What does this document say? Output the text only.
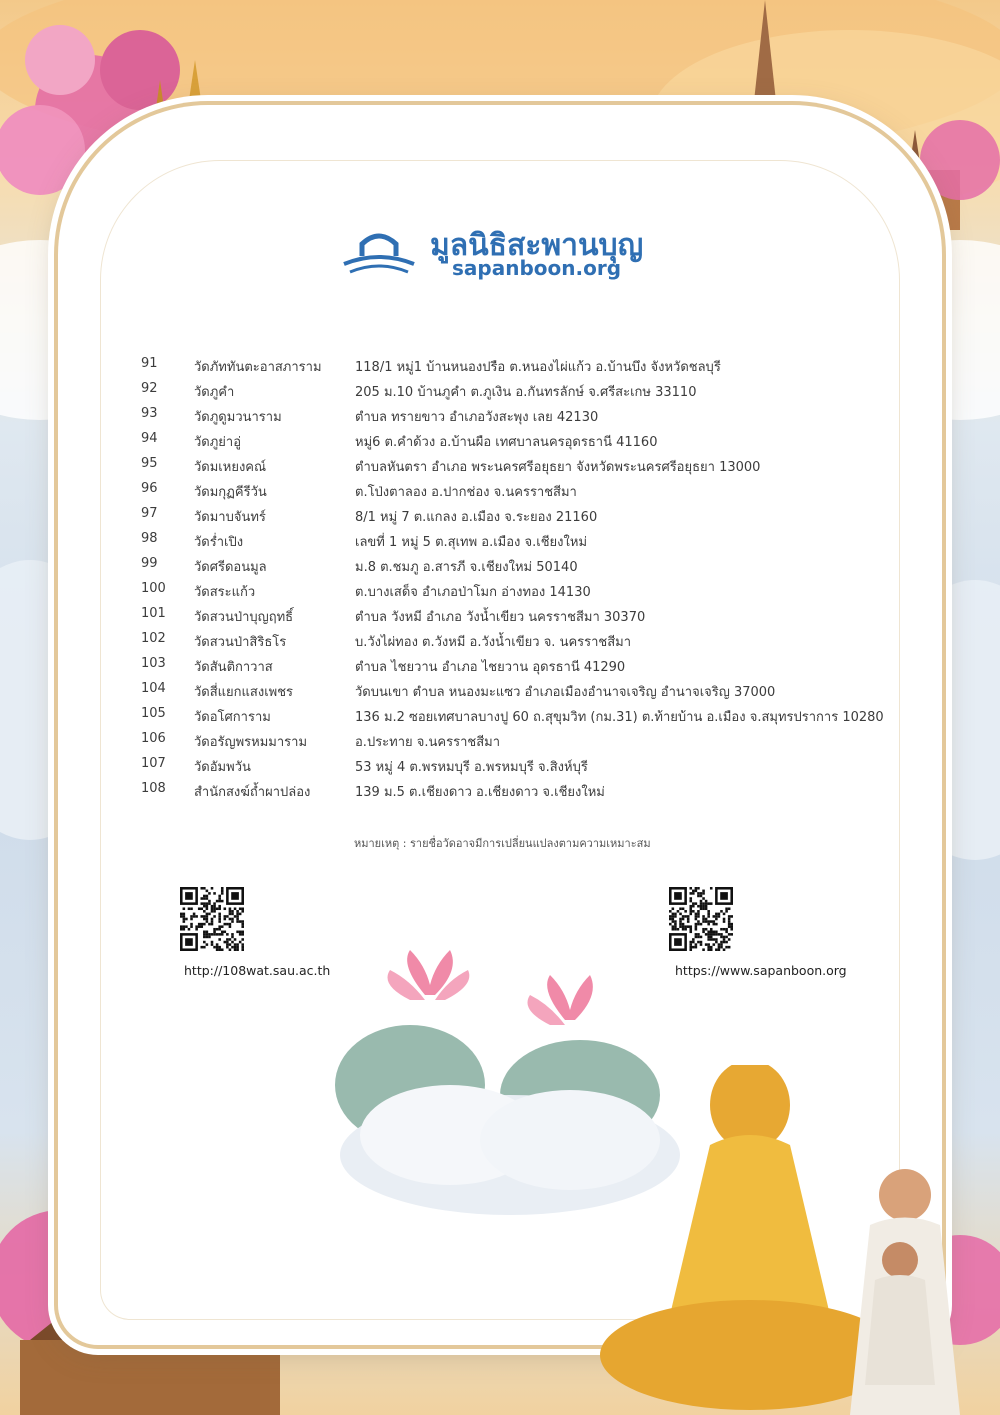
มูลนิธิสะพานบุญ
sapanboon.org
91	วัดภัททันตะอาสภาราม	118/1 หมู่1 บ้านหนองปรือ ต.หนองไผ่แก้ว อ.บ้านบึง จังหวัดชลบุรี
92	วัดภูคำ	205 ม.10 บ้านภูคำ ต.ภูเงิน อ.กันทรลักษ์ จ.ศรีสะเกษ 33110
93	วัดภูดูมวนาราม	ตำบล ทรายขาว อำเภอวังสะพุง เลย 42130
94	วัดภูย่าอู่	หมู่6 ต.คำด้วง อ.บ้านผือ เทศบาลนครอุดรธานี 41160
95	วัดมเหยงคณ์	ตำบลหันตรา อำเภอ พระนครศรีอยุธยา จังหวัดพระนครศรีอยุธยา 13000
96	วัดมกุฏคีรีวัน	ต.โป่งตาลอง อ.ปากช่อง จ.นครราชสีมา
97	วัดมาบจันทร์	8/1 หมู่ 7 ต.แกลง อ.เมือง จ.ระยอง 21160
98	วัดร่ำเปิง	เลขที่ 1 หมู่ 5 ต.สุเทพ อ.เมือง จ.เชียงใหม่
99	วัดศรีดอนมูล	ม.8 ต.ชมภู อ.สารภี จ.เชียงใหม่ 50140
100	วัดสระแก้ว	ต.บางเสด็จ อำเภอป่าโมก อ่างทอง 14130
101	วัดสวนป่าบุญฤทธิ์	ตำบล วังหมี อำเภอ วังน้ำเขียว นครราชสีมา 30370
102	วัดสวนป่าสิริธโร	บ.วังไผ่ทอง ต.วังหมี อ.วังน้ำเขียว จ. นครราชสีมา
103	วัดสันติกาวาส	ตำบล ไชยวาน อำเภอ ไชยวาน อุดรธานี 41290
104	วัดสี่แยกแสงเพชร	วัดบนเขา ตำบล หนองมะแซว อำเภอเมืองอำนาจเจริญ อำนาจเจริญ 37000
105	วัดอโศการาม	136 ม.2 ซอยเทศบาลบางปู 60 ถ.สุขุมวิท (กม.31) ต.ท้ายบ้าน อ.เมือง จ.สมุทรปราการ 10280
106	วัดอรัญพรหมมาราม	อ.ประทาย จ.นครราชสีมา
107	วัดอัมพวัน	53 หมู่ 4 ต.พรหมบุรี อ.พรหมบุรี จ.สิงห์บุรี
108	สำนักสงฆ์ถ้ำผาปล่อง	139 ม.5 ต.เชียงดาว อ.เชียงดาว จ.เชียงใหม่
หมายเหตุ : รายชื่อวัดอาจมีการเปลี่ยนแปลงตามความเหมาะสม
http://108wat.sau.ac.th	https://www.sapanboon.org
